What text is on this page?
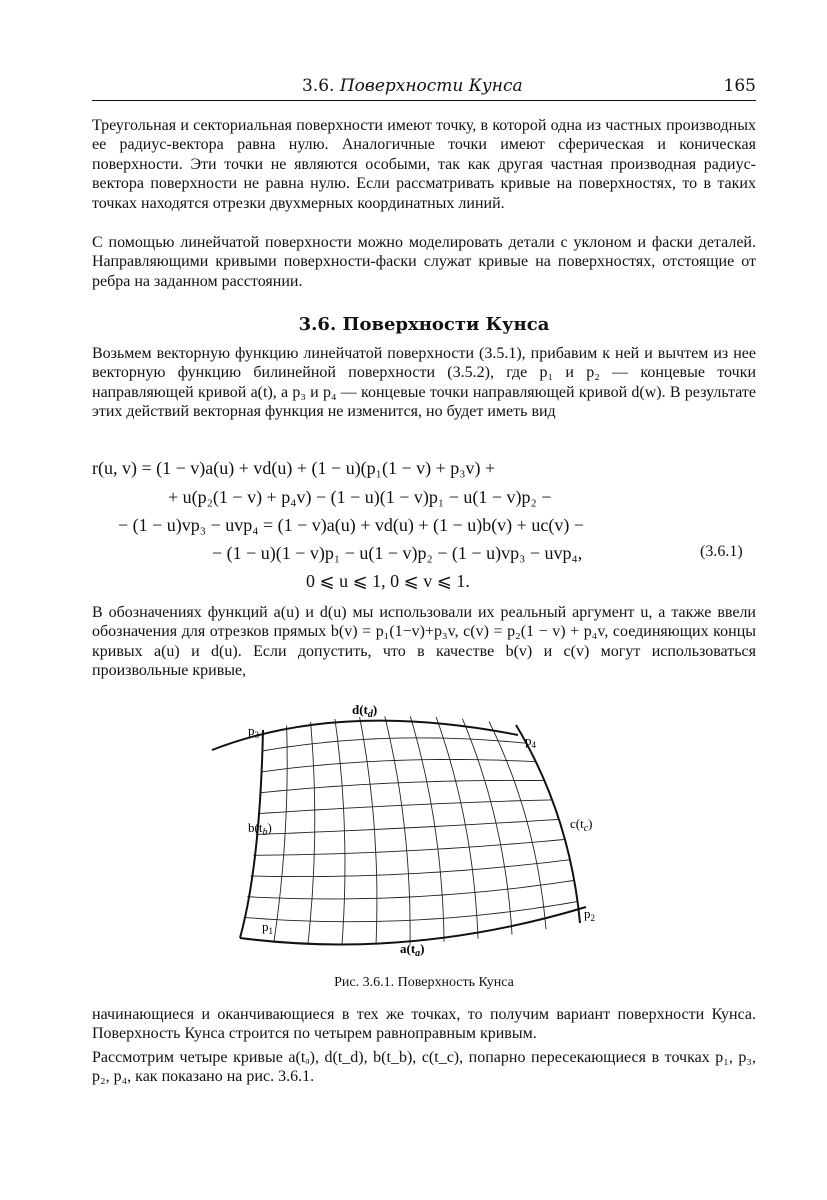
3.6. Поверхности Кунса	165
Треугольная и секториальная поверхности имеют точку, в которой одна из частных производных ее радиус-вектора равна нулю. Аналогичные точки имеют сферическая и коническая поверхности. Эти точки не являются особыми, так как другая частная производная радиус-вектора поверхности не равна нулю. Если рассматривать кривые на поверхностях, то в таких точках находятся отрезки двухмерных координатных линий.
С помощью линейчатой поверхности можно моделировать детали с уклоном и фаски деталей. Направляющими кривыми поверхности-фаски служат кривые на поверхностях, отстоящие от ребра на заданном расстоянии.
3.6. Поверхности Кунса
Возьмем векторную функцию линейчатой поверхности (3.5.1), прибавим к ней и вычтем из нее векторную функцию билинейной поверхности (3.5.2), где p₁ и p₂ — концевые точки направляющей кривой a(t), а p₃ и p₄ — концевые точки направляющей кривой d(w). В результате этих действий векторная функция не изменится, но будет иметь вид
r(u, v) = (1 − v)a(u) + vd(u) + (1 − u)(p₁(1 − v) + p₃v) +
+ u(p₂(1 − v) + p₄v) − (1 − u)(1 − v)p₁ − u(1 − v)p₂ −
− (1 − u)vp₃ − uvp₄ = (1 − v)a(u) + vd(u) + (1 − u)b(v) + uc(v) −
− (1 − u)(1 − v)p₁ − u(1 − v)p₂ − (1 − u)vp₃ − uvp₄,	(3.6.1)
0 ⩽ u ⩽ 1, 0 ⩽ v ⩽ 1.
В обозначениях функций a(u) и d(u) мы использовали их реальный аргумент u, а также ввели обозначения для отрезков прямых b(v) = p₁(1−v)+p₃v, c(v) = p₂(1 − v) + p₄v, соединяющих концы кривых a(u) и d(u). Если допустить, что в качестве b(v) и c(v) могут использоваться произвольные кривые,
$d(t_d)$
$a(t_a)$
$b(t_b)$	$c(t_c)$
$p_3$	$p_4$
$p_1$
$p_2$
Рис. 3.6.1. Поверхность Кунса
начинающиеся и оканчивающиеся в тех же точках, то получим вариант поверхности Кунса. Поверхность Кунса строится по четырем равноправным кривым.
Рассмотрим четыре кривые a(tₐ), d(t_d), b(t_b), c(t_c), попарно пересекающиеся в точках p₁, p₃, p₂, p₄, как показано на рис. 3.6.1.
